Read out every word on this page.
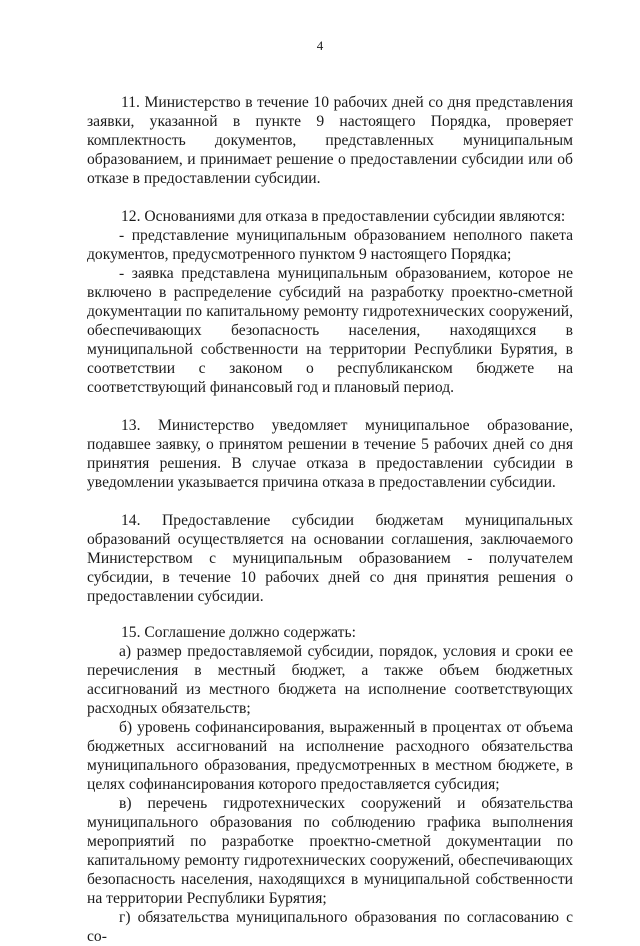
4

11. Министерство в течение 10 рабочих дней со дня представления заявки, указанной в пункте 9 настоящего Порядка, проверяет комплектность документов, представленных муниципальным образованием, и принимает решение о предоставлении субсидии или об отказе в предоставлении субсидии.

12. Основаниями для отказа в предоставлении субсидии являются:

- представление муниципальным образованием неполного пакета документов, предусмотренного пунктом 9 настоящего Порядка;

- заявка представлена муниципальным образованием, которое не включено в распределение субсидий на разработку проектно-сметной документации по капитальному ремонту гидротехнических сооружений, обеспечивающих безопасность населения, находящихся в муниципальной собственности на территории Республики Бурятия, в соответствии с законом о республиканском бюджете на соответствующий финансовый год и плановый период.

13. Министерство уведомляет муниципальное образование, подавшее заявку, о принятом решении в течение 5 рабочих дней со дня принятия решения. В случае отказа в предоставлении субсидии в уведомлении указывается причина отказа в предоставлении субсидии.

14. Предоставление субсидии бюджетам муниципальных образований осуществляется на основании соглашения, заключаемого Министерством с муниципальным образованием - получателем субсидии, в течение 10 рабочих дней со дня принятия решения о предоставлении субсидии.

15. Соглашение должно содержать:

а) размер предоставляемой субсидии, порядок, условия и сроки ее перечисления в местный бюджет, а также объем бюджетных ассигнований из местного бюджета на исполнение соответствующих расходных обязательств;

б) уровень софинансирования, выраженный в процентах от объема бюджетных ассигнований на исполнение расходного обязательства муниципального образования, предусмотренных в местном бюджете, в целях софинансирования которого предоставляется субсидия;

в) перечень гидротехнических сооружений и обязательства муниципального образования по соблюдению графика выполнения мероприятий по разработке проектно-сметной документации по капитальному ремонту гидротехнических сооружений, обеспечивающих безопасность населения, находящихся в муниципальной собственности на территории Республики Бурятия;

г) обязательства муниципального образования по согласованию с со-
